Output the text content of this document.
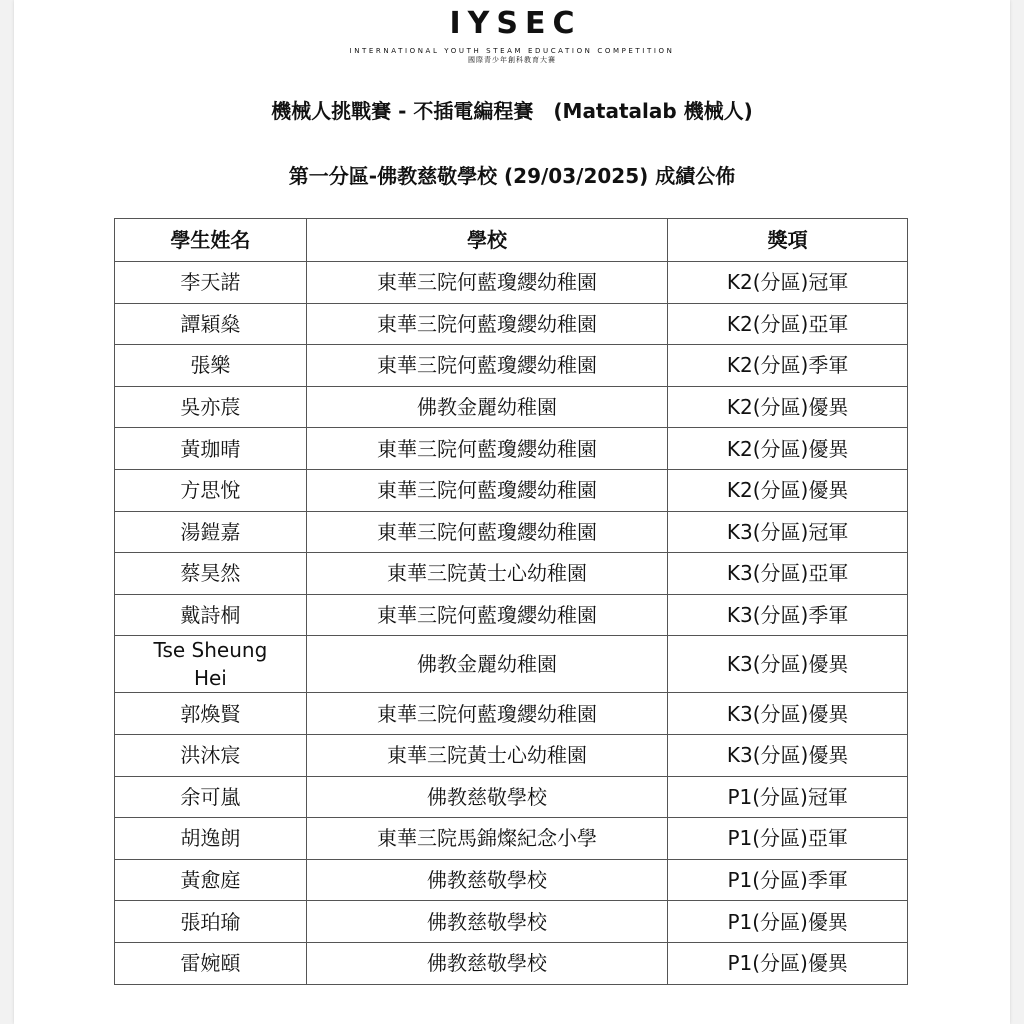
IYSEC
INTERNATIONAL YOUTH STEAM EDUCATION COMPETITION
國際青少年創科教育大賽
機械人挑戰賽 - 不插電編程賽　(Matatalab 機械人)
第一分區-佛教慈敬學校 (29/03/2025) 成績公佈
學生姓名	學校	獎項
李天諾	東華三院何藍瓊纓幼稚園	K2(分區)冠軍
譚穎燊	東華三院何藍瓊纓幼稚園	K2(分區)亞軍
張樂	東華三院何藍瓊纓幼稚園	K2(分區)季軍
吳亦莀	佛教金麗幼稚園	K2(分區)優異
黃珈晴	東華三院何藍瓊纓幼稚園	K2(分區)優異
方思悅	東華三院何藍瓊纓幼稚園	K2(分區)優異
湯鎧嘉	東華三院何藍瓊纓幼稚園	K3(分區)冠軍
蔡昊然	東華三院黃士心幼稚園	K3(分區)亞軍
戴詩桐	東華三院何藍瓊纓幼稚園	K3(分區)季軍

Tse Sheung
Hei	佛教金麗幼稚園	K3(分區)優異
郭煥賢	東華三院何藍瓊纓幼稚園	K3(分區)優異
洪沐宸	東華三院黃士心幼稚園	K3(分區)優異
余可嵐	佛教慈敬學校	P1(分區)冠軍
胡逸朗	東華三院馬錦燦紀念小學	P1(分區)亞軍
黃愈庭	佛教慈敬學校	P1(分區)季軍
張珀瑜	佛教慈敬學校	P1(分區)優異
雷婉頤	佛教慈敬學校	P1(分區)優異
